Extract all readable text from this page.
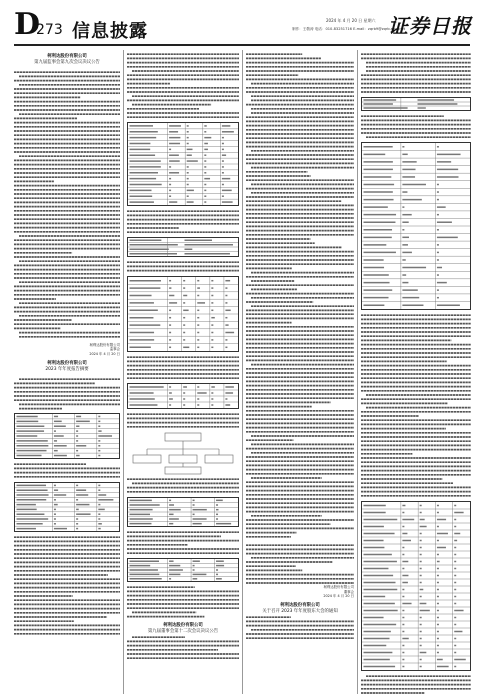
D
273 信息披露
2024 年 4 月 20 日 星期六
制作：王敬涛 电话：010-83251716 E-mail：zqrb9@zqrb.sina.net
证券日报
柯利达股份有限公司
第九届监事会第九次会议决议公告
柯利达股份有限公司
监事会
2024 年 4 月 20 日
柯利达股份有限公司
2023 年年度报告摘要
柯利达股份有限公司
第九届董事会第十二次会议决议公告
柯利达股份有限公司
董事会
2024 年 4 月 20 日
柯利达股份有限公司
关于召开 2023 年年度股东大会的通知
